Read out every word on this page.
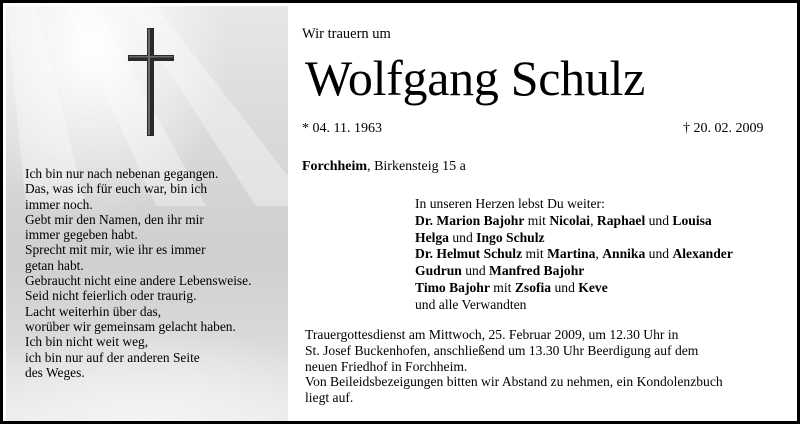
Ich bin nur nach nebenan gegangen.
Das, was ich für euch war, bin ich
immer noch.
Gebt mir den Namen, den ihr mir
immer gegeben habt.
Sprecht mit mir, wie ihr es immer
getan habt.
Gebraucht nicht eine andere Lebensweise.
Seid nicht feierlich oder traurig.
Lacht weiterhin über das,
worüber wir gemeinsam gelacht haben.
Ich bin nicht weit weg,
ich bin nur auf der anderen Seite
des Weges.
Wir trauern um
Wolfgang Schulz
* 04. 11. 1963	† 20. 02. 2009
Forchheim, Birkensteig 15 a
In unseren Herzen lebst Du weiter:
Dr. Marion Bajohr mit Nicolai, Raphael und Louisa
Helga und Ingo Schulz
Dr. Helmut Schulz mit Martina, Annika und Alexander
Gudrun und Manfred Bajohr
Timo Bajohr mit Zsofia und Keve
und alle Verwandten
Trauergottesdienst am Mittwoch, 25. Februar 2009, um 12.30 Uhr in
St. Josef Buckenhofen, anschließend um 13.30 Uhr Beerdigung auf dem
neuen Friedhof in Forchheim.
Von Beileidsbezeigungen bitten wir Abstand zu nehmen, ein Kondolenzbuch
liegt auf.
